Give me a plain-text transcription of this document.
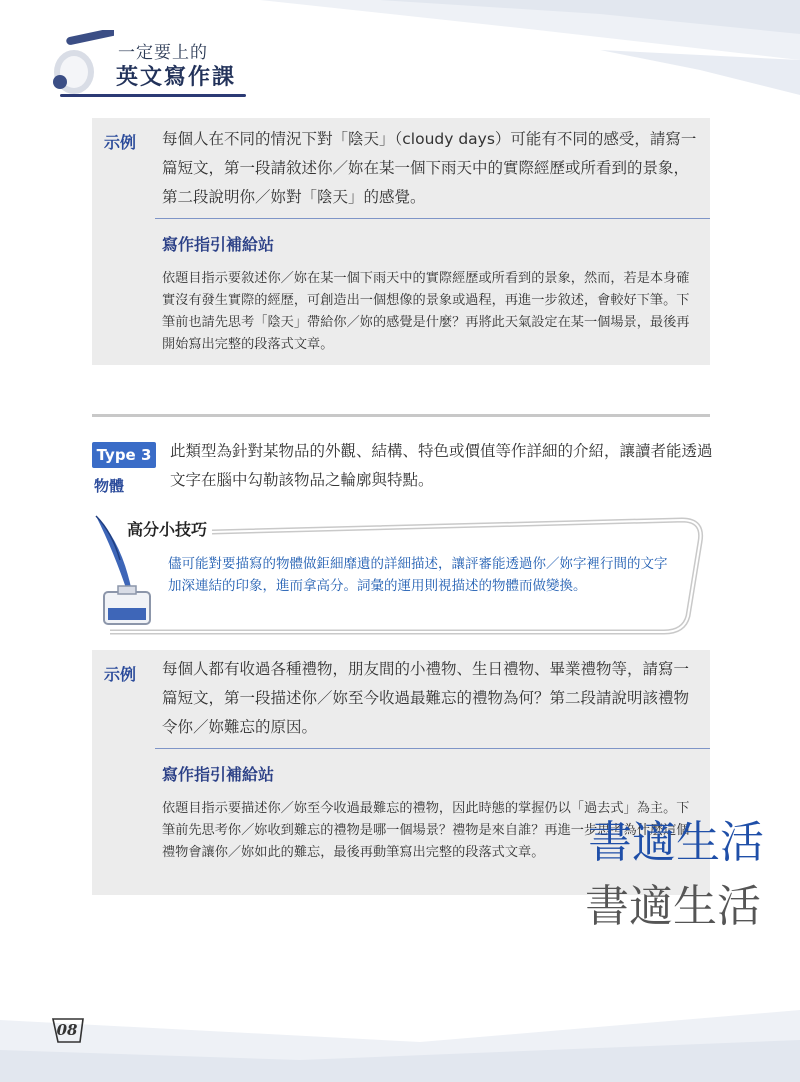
一定要上的
英文寫作課
示例 每個人在不同的情況下對「陰天」（cloudy days）可能有不同的感受，請寫一篇短文，第一段請敘述你／妳在某一個下雨天中的實際經歷或所看到的景象，第二段說明你／妳對「陰天」的感覺。
寫作指引補給站
依題目指示要敘述你／妳在某一個下雨天中的實際經歷或所看到的景象，然而，若是本身確實沒有發生實際的經歷，可創造出一個想像的景象或過程，再進一步敘述，會較好下筆。下筆前也請先思考「陰天」帶給你／妳的感覺是什麼？再將此天氣設定在某一個場景，最後再開始寫出完整的段落式文章。
Type 3
物體
此類型為針對某物品的外觀、結構、特色或價值等作詳細的介紹，讓讀者能透過文字在腦中勾勒該物品之輪廓與特點。
高分小技巧
儘可能對要描寫的物體做鉅細靡遺的詳細描述，讓評審能透過你／妳字裡行間的文字加深連結的印象，進而拿高分。詞彙的運用則視描述的物體而做變換。
示例 每個人都有收過各種禮物，朋友間的小禮物、生日禮物、畢業禮物等，請寫一篇短文，第一段描述你／妳至今收過最難忘的禮物為何？第二段請說明該禮物令你／妳難忘的原因。
寫作指引補給站
依題目指示要描述你／妳至今收過最難忘的禮物，因此時態的掌握仍以「過去式」為主。下筆前先思考你／妳收到難忘的禮物是哪一個場景？禮物是來自誰？再進一步思考為什麼這個禮物會讓你／妳如此的難忘，最後再動筆寫出完整的段落式文章。 書適生活
書適生活
08
